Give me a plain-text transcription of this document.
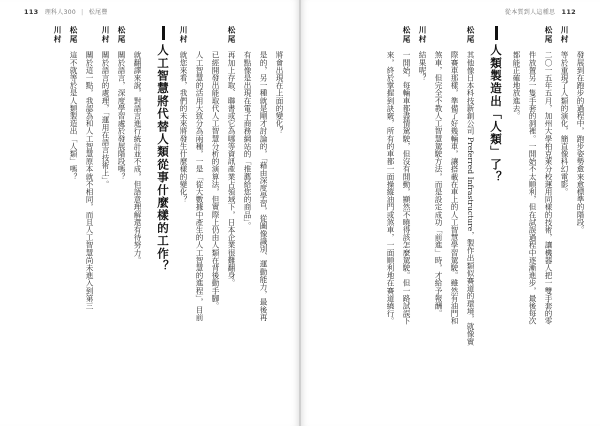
113 理科人300 | 松尾豐
將會出現在上面的變化？
是的，另一種就是剛才討論的，「藉由深度學習，從圖像識別、運動能力，最後再
有點像是出現在電子商務網站的「推薦給您的商品」。
松尾再加上存取、聯書或它為哪等資訊產業占領域下，日本企業很難翻身。
已經開發出能取代人工智慧分析的演算法，但實際上仍由人類在背後動手腳。
人工智慧的活用大致分為兩種，一是「從大數據中產生的人工智慧的進程」，目前
川村就您來看，我們的未來將發生什麼樣的變化？
人工智慧將代替人類從事什麼樣的工作？
就翻譯來說，對語言進行統計並不成，但語意理解還有待努力。
松尾關於語言，深度學習處於發展階段嗎？
川村關於語言的處理，「運用在語言技術上」。
關於這一點，我認為和人工智慧原本就不相同，而且人工智慧尚未進入到第三
松尾這不就等於是人類製造出「人類」嗎？
川村
從本質到人這種思 112
發展到在跑步的過程中，跑步姿勢愈來愈標準的階段。
川村等於重現了人類的演化，簡直像科幻電影。
松尾二〇一五年五月，加州大學柏克萊分校運用同樣的技術，讓機器人把一雙手套的零
件放置另一隻手套的洞裡。一開始不太順利，但在試誤過程中逐漸進步，最後每次
都能正確地放進去。
人類製造出「人類」了？
松尾其他像日本科技新創公司 Preferred Infrastructure，製作出類似賽道的環境，就像實
際賽車那樣，準備了好幾輛車，讓搭載在車上的人工智慧學習駕駛。雖然有油門和
煞車，但完全不教人工智慧駕駛方法，而是設定成功「前進」時，才給予報酬。
川村結果呢？
松尾一開始，每輛車都盡情駕駛，但沒有開動，顯然不曉得該怎麼駕駛。但一路試誤下
來，終於掌握到訣竅，所有的車都一面操縱油門或煞車，一面順利地在賽道繞行。
